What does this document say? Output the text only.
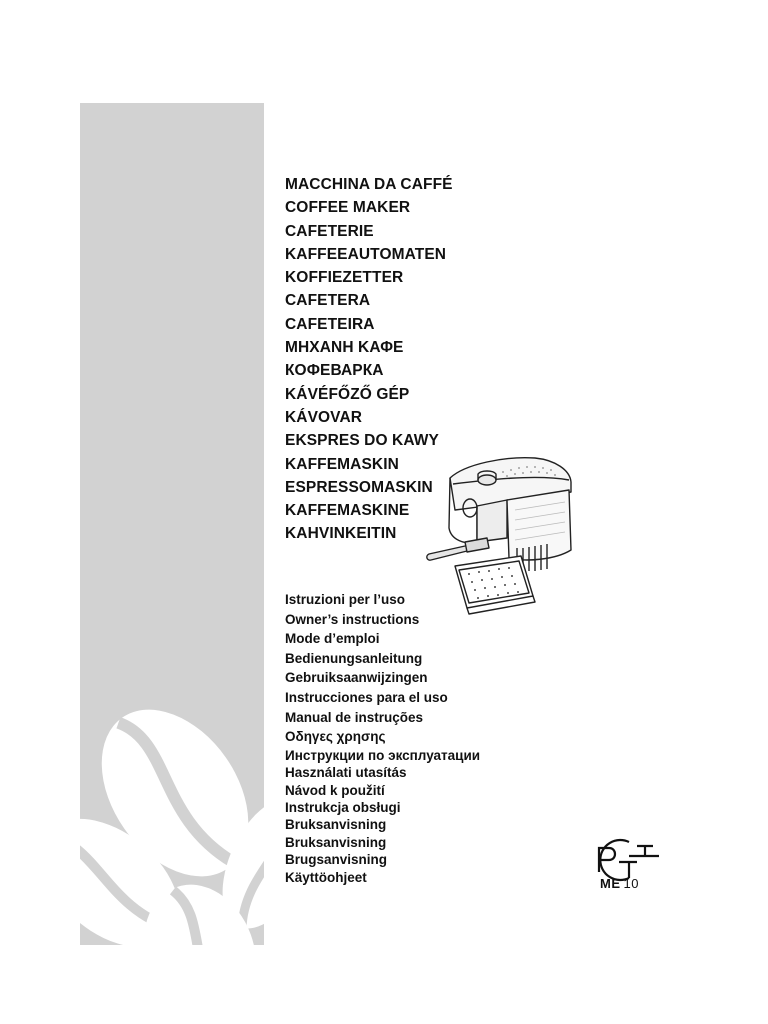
MACCHINA DA CAFFÉ
COFFEE MAKER
CAFETERIE
KAFFEEAUTOMATEN
KOFFIEZETTER
CAFETERA
CAFETEIRA
ΜΗΧΑΝΗ ΚΑΦΕ
КОФЕВАРКА
KÁVÉFŐZŐ GÉP
KÁVOVAR
EKSPRES DO KAWY
KAFFEMASKIN
ESPRESSOMASKIN
KAFFEMASKINE
KAHVINKEITIN
Istruzioni per l’uso
Owner’s instructions
Mode d’emploi
Bedienungsanleitung
Gebruiksaanwijzingen
Instrucciones para el uso
Manual de instruções
Οδηγες χρησης
Инструкции по эксплуатации
Használati utasítás
Návod k použití
Instrukcja obsługi
Bruksanvisning
Bruksanvisning
Brugsanvisning
Käyttöohjeet	ME 10
